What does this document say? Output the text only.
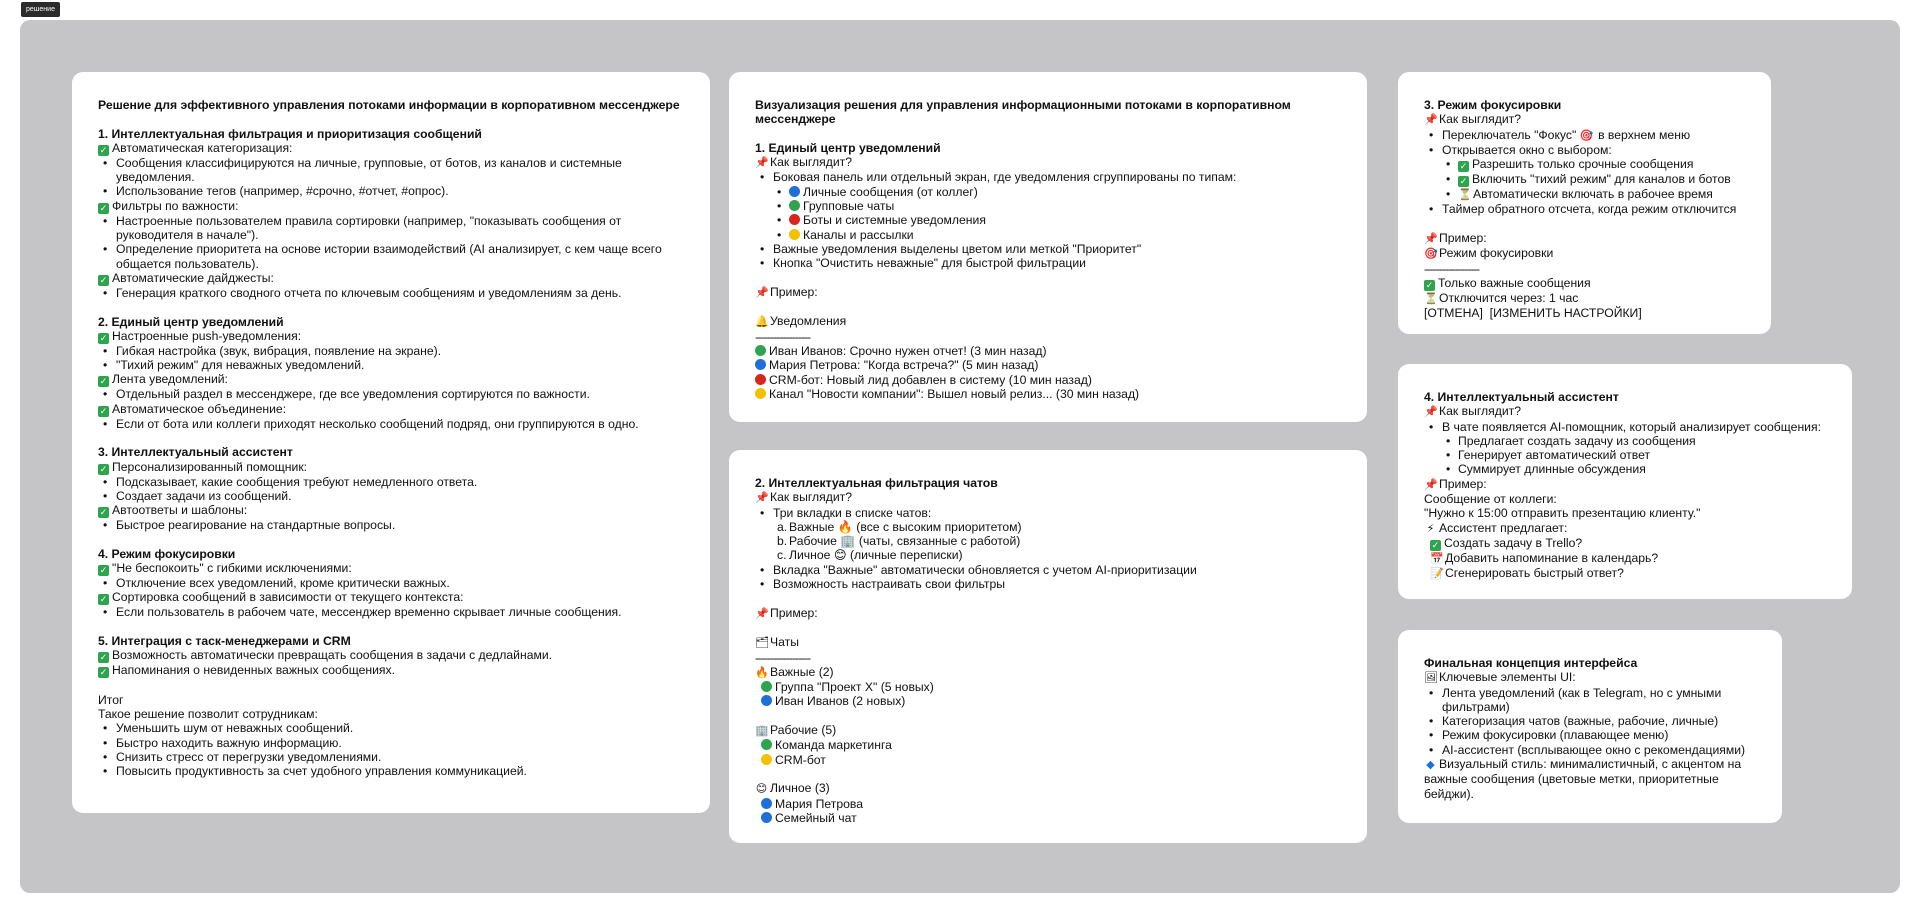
решение
Решение для эффективного управления потоками информации в корпоративном мессенджере
1. Интеллектуальная фильтрация и приоритизация сообщений
✓ Автоматическая категоризация:
• Сообщения классифицируются на личные, групповые, от ботов, из каналов и системные уведомления.
• Использование тегов (например, #срочно, #отчет, #опрос).
✓ Фильтры по важности:
• Настроенные пользователем правила сортировки (например, "показывать сообщения от руководителя в начале").
• Определение приоритета на основе истории взаимодействий (AI анализирует, с кем чаще всего общается пользователь).
✓ Автоматические дайджесты:
• Генерация краткого сводного отчета по ключевым сообщениям и уведомлениям за день.
2. Единый центр уведомлений
✓ Настроенные push-уведомления:
• Гибкая настройка (звук, вибрация, появление на экране).
• "Тихий режим" для неважных уведомлений.
✓ Лента уведомлений:
• Отдельный раздел в мессенджере, где все уведомления сортируются по важности.
✓ Автоматическое объединение:
• Если от бота или коллеги приходят несколько сообщений подряд, они группируются в одно.
3. Интеллектуальный ассистент
✓ Персонализированный помощник:
• Подсказывает, какие сообщения требуют немедленного ответа.
• Создает задачи из сообщений.
✓ Автоответы и шаблоны:
• Быстрое реагирование на стандартные вопросы.
4. Режим фокусировки
✓ "Не беспокоить" с гибкими исключениями:
• Отключение всех уведомлений, кроме критически важных.
✓ Сортировка сообщений в зависимости от текущего контекста:
• Если пользователь в рабочем чате, мессенджер временно скрывает личные сообщения.
5. Интеграция с таск-менеджерами и CRM
✓ Возможность автоматически превращать сообщения в задачи с дедлайнами.
✓ Напоминания о невиденных важных сообщениях.
Итог
Такое решение позволит сотрудникам:
• Уменьшить шум от неважных сообщений.
• Быстро находить важную информацию.
• Снизить стресс от перегрузки уведомлениями.
• Повысить продуктивность за счет удобного управления коммуникацией.
Визуализация решения для управления информационными потоками в корпоративном мессенджере
1. Единый центр уведомлений
📌Как выглядит?
• Боковая панель или отдельный экран, где уведомления сгруппированы по типам:
• Личные сообщения (от коллег)
• Групповые чаты
• Боты и системные уведомления
• Каналы и рассылки
• Важные уведомления выделены цветом или меткой "Приоритет"
• Кнопка "Очистить неважные" для быстрой фильтрации
📌Пример:
🔔Уведомления
------------------
Иван Иванов: Срочно нужен отчет! (3 мин назад)
Мария Петрова: "Когда встреча?" (5 мин назад)
CRM-бот: Новый лид добавлен в систему (10 мин назад)
Канал "Новости компании": Вышел новый релиз... (30 мин назад)
2. Интеллектуальная фильтрация чатов
📌Как выглядит?
• Три вкладки в списке чатов:
a. Важные 🔥 (все с высоким приоритетом)
b. Рабочие 🏢 (чаты, связанные с работой)
c. Личное 😊 (личные переписки)
• Вкладка "Важные" автоматически обновляется с учетом AI-приоритизации
• Возможность настраивать свои фильтры
📌Пример:
🗂Чаты
------------------
🔥Важные (2)
Группа "Проект X" (5 новых)
Иван Иванов (2 новых)
🏢Рабочие (5)
Команда маркетинга
CRM-бот
😊 Личное (3)
Мария Петрова
Семейный чат
3. Режим фокусировки
📌Как выглядит?
• Переключатель "Фокус" 🎯 в верхнем меню
• Открывается окно с выбором:
• ✓ Разрешить только срочные сообщения
• ✓ Включить "тихий режим" для каналов и ботов
• ⏳Автоматически включать в рабочее время
• Таймер обратного отсчета, когда режим отключится
📌Пример:
🎯Режим фокусировки
------------------
✓ Только важные сообщения
⏳Отключится через: 1 час
[ОТМЕНА]  [ИЗМЕНИТЬ НАСТРОЙКИ]
4. Интеллектуальный ассистент
📌Как выглядит?
• В чате появляется AI-помощник, который анализирует сообщения:
• Предлагает создать задачу из сообщения
• Генерирует автоматический ответ
• Суммирует длинные обсуждения
📌Пример:
Сообщение от коллеги:
"Нужно к 15:00 отправить презентацию клиенту."
⚡ Ассистент предлагает:
✓ Создать задачу в Trello?
📅Добавить напоминание в календарь?
📝Сгенерировать быстрый ответ?
Финальная концепция интерфейса
🖼Ключевые элементы UI:
• Лента уведомлений (как в Telegram, но с умными фильтрами)
• Категоризация чатов (важные, рабочие, личные)
• Режим фокусировки (плавающее меню)
• AI-ассистент (всплывающее окно с рекомендациями)
◆ Визуальный стиль: минималистичный, с акцентом на важные сообщения (цветовые метки, приоритетные бейджи).
